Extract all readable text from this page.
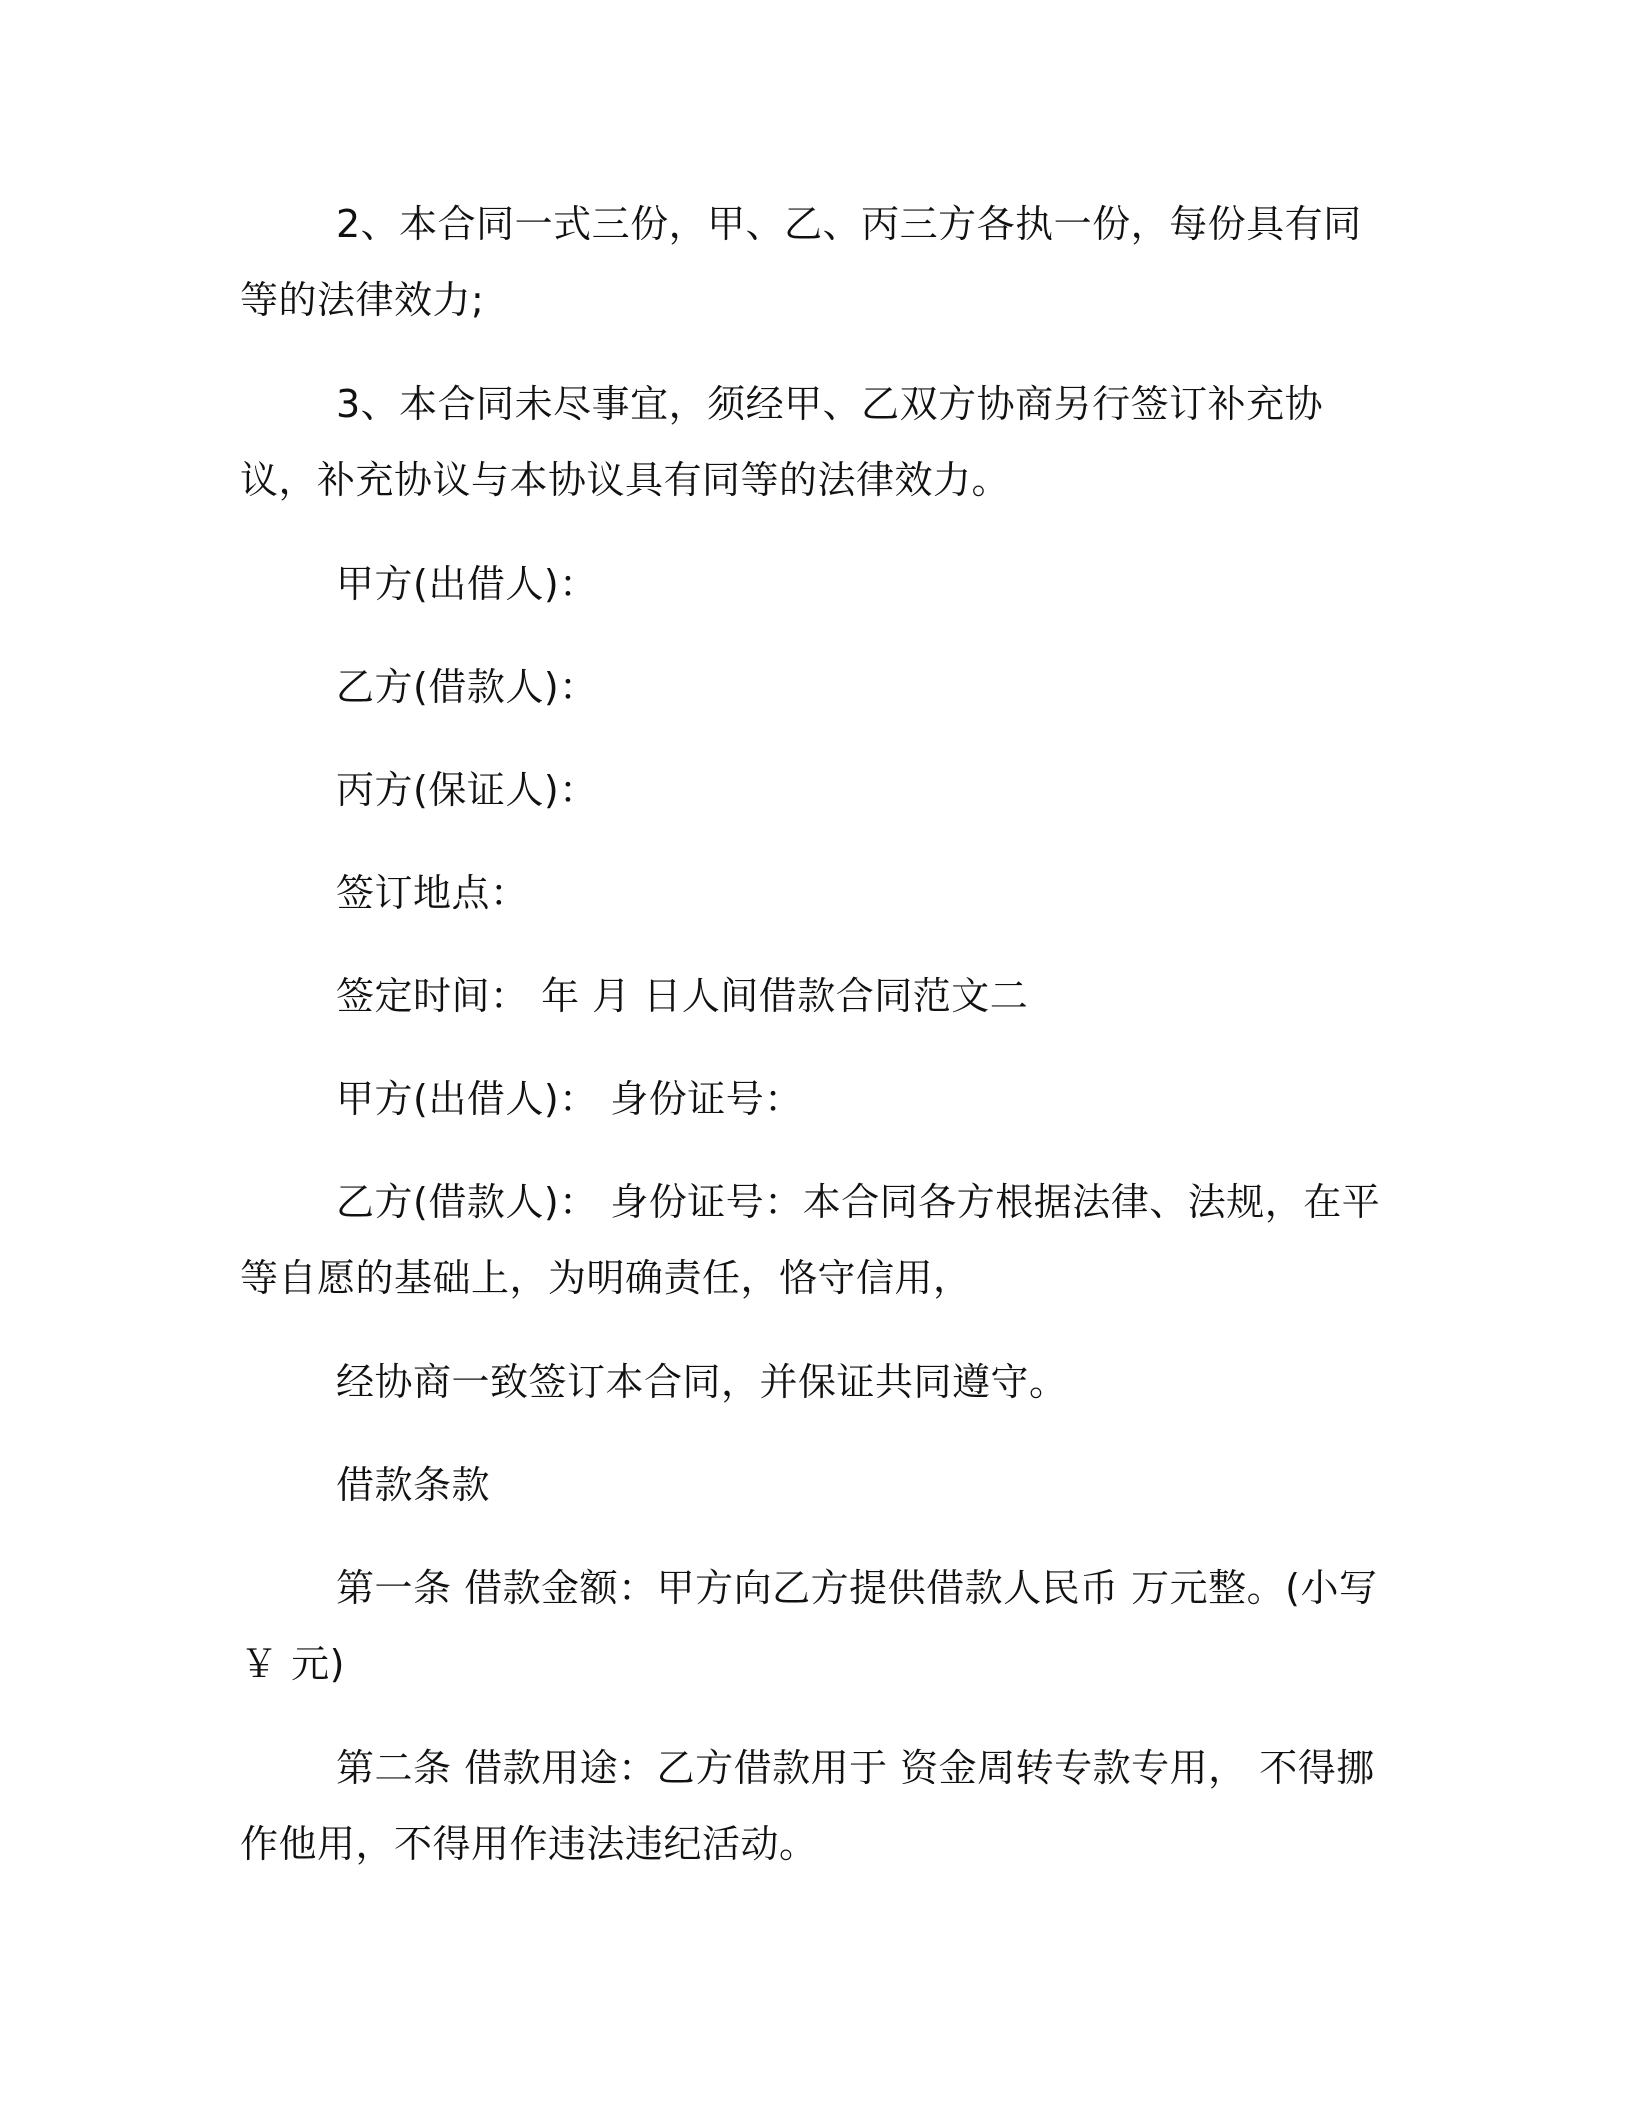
2、本合同一式三份，甲、乙、丙三方各执一份，每份具有同等的法律效力;

3、本合同未尽事宜，须经甲、乙双方协商另行签订补充协议，补充协议与本协议具有同等的法律效力。

甲方(出借人)：

乙方(借款人)：

丙方(保证人)：

签订地点：

签定时间： 年 月 日人间借款合同范文二

甲方(出借人)： 身份证号：

乙方(借款人)： 身份证号：本合同各方根据法律、法规，在平等自愿的基础上，为明确责任，恪守信用，

经协商一致签订本合同，并保证共同遵守。

借款条款

第一条 借款金额：甲方向乙方提供借款人民币 万元整。(小写￥ 元)

第二条 借款用途：乙方借款用于 资金周转专款专用， 不得挪作他用，不得用作违法违纪活动。
